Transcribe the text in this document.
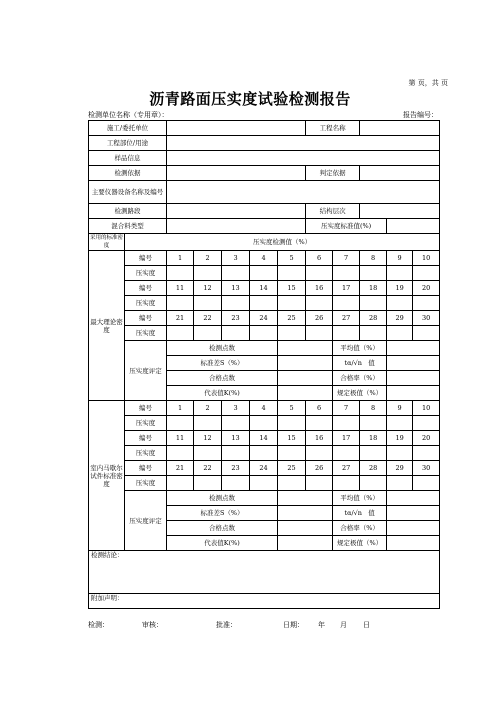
第 页，共 页
沥青路面压实度试验检测报告
检测单位名称（专用章）：	报告编号：
施工/委托单位							工程名称				
工程部位/用途											
样品信息											
检测依据							判定依据				
主要仪器设备名称及编号											
检测路段							结构层次				
混合料类型							压实度标准值(%)				
采用的标准密度	压实度检测值（%）										
最大理论密度	编号	1	2	3	4	5	6	7	8	9	10
	压实度										
	编号	11	12	13	14	15	16	17	18	19	20
	压实度										
	编号	21	22	23	24	25	26	27	28	29	30
	压实度										
	压实度评定	检测点数						平均值（%）			
		标准差S（%）						tα/√n 值			
		合格点数						合格率（%）			
		代表值K(%)						规定极值（%）			
室内马歇尔试件标准密度	编号	1	2	3	4	5	6	7	8	9	10
	压实度										
	编号	11	12	13	14	15	16	17	18	19	20
	压实度										
	编号	21	22	23	24	25	26	27	28	29	30
	压实度										
	压实度评定	检测点数						平均值（%）			
		标准差S（%）						tα/√n 值			
		合格点数						合格率（%）			
		代表值K(%)						规定极值（%）			
检测结论：											
附加声明：											
检测：	审核：	批准：	日期： 年 月 日
